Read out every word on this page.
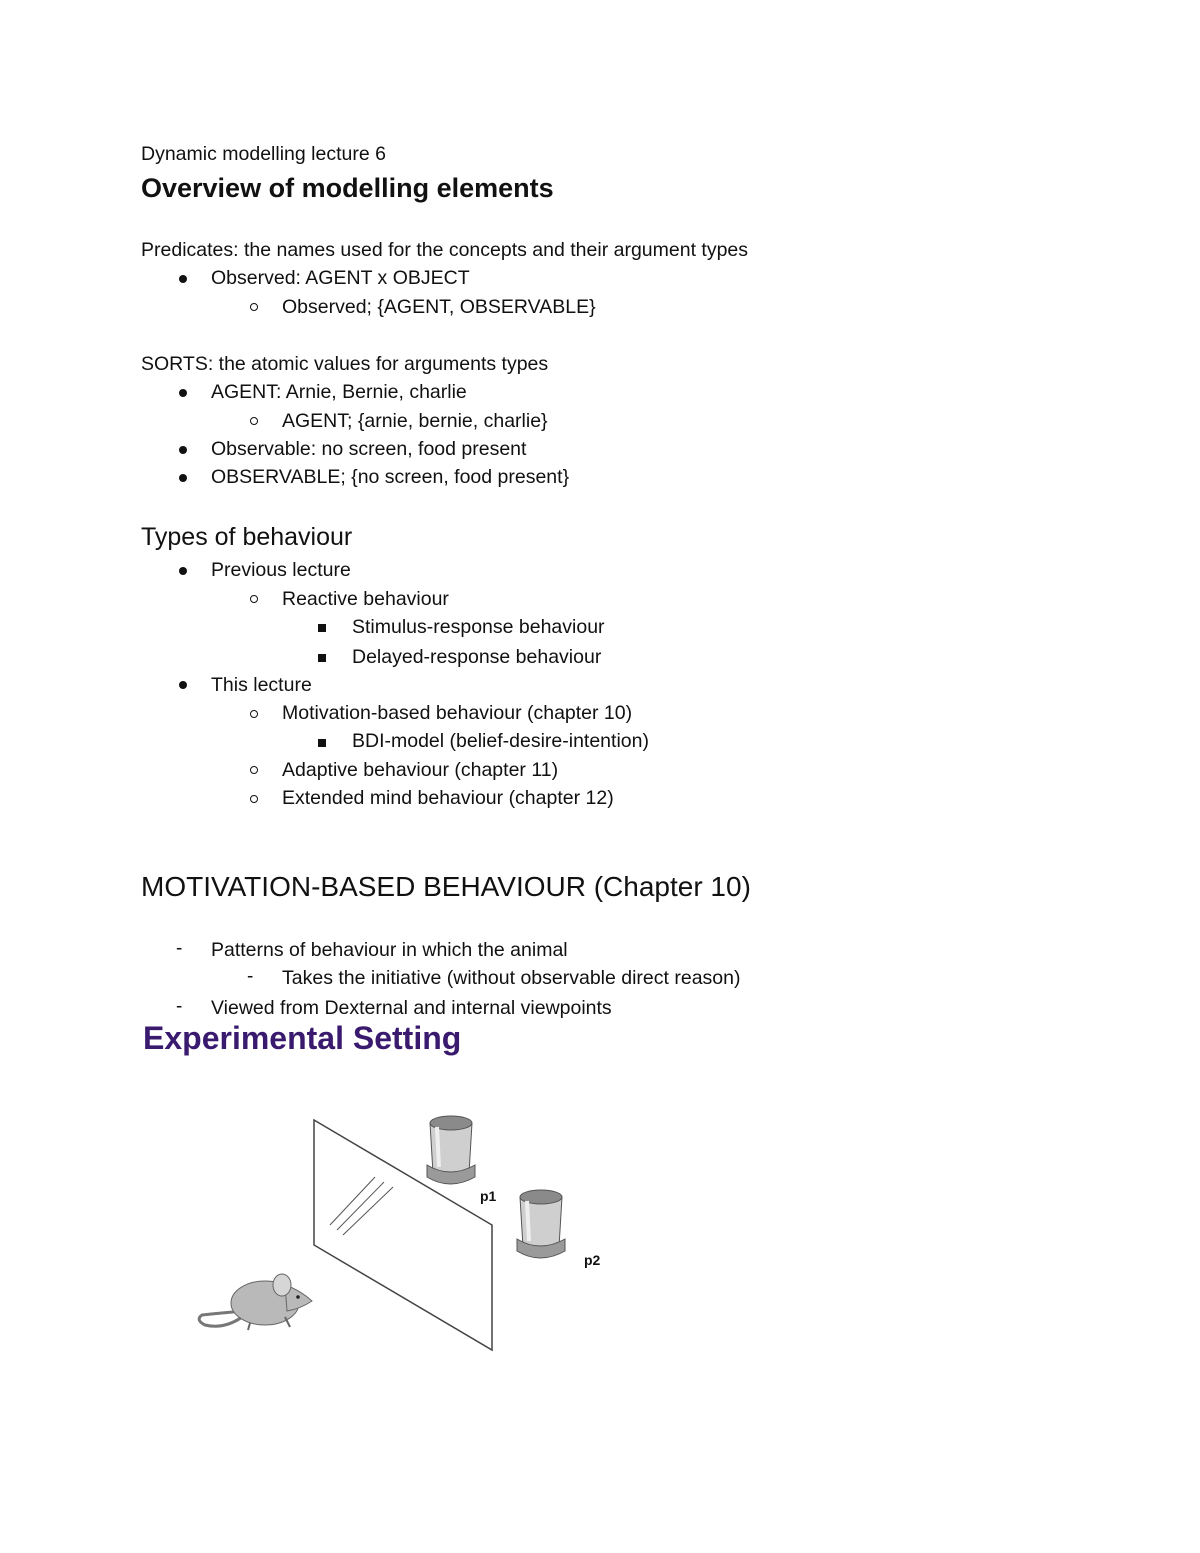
Dynamic modelling lecture 6
Overview of modelling elements
Predicates: the names used for the concepts and their argument types
Observed: AGENT x OBJECT
Observed; {AGENT, OBSERVABLE}
SORTS: the atomic values for arguments types
AGENT: Arnie, Bernie, charlie
AGENT; {arnie, bernie, charlie}
Observable: no screen, food present
OBSERVABLE; {no screen, food present}
Types of behaviour
Previous lecture
Reactive behaviour
Stimulus-response behaviour
Delayed-response behaviour
This lecture
Motivation-based behaviour (chapter 10)
BDI-model (belief-desire-intention)
Adaptive behaviour (chapter 11)
Extended mind behaviour (chapter 12)
MOTIVATION-BASED BEHAVIOUR (Chapter 10)
- Patterns of behaviour in which the animal
- Takes the initiative (without observable direct reason)
- Viewed from Dexternal and internal viewpoints
Experimental Setting
p1
p2
